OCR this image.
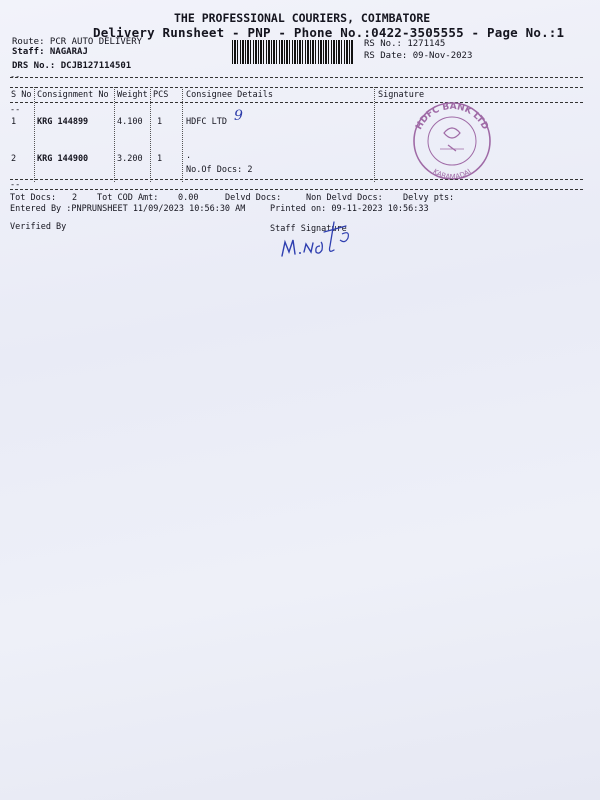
THE PROFESSIONAL COURIERS, COIMBATORE
Delivery Runsheet - PNP - Phone No.:0422-3505555 - Page No.:1
Route: PCR AUTO DELIVERY
Staff: NAGARAJ
DRS No.: DCJB127114501
RS No.: 1271145
RS Date: 09-Nov-2023
--
S No Consignment No Weight PCS Consignee Details	Signature
--
1 KRG 144899	4.100 1	HDFC LTD 9
2 KRG 144900	3.200 1	.
No.Of Docs: 2
HDFC BANK LTD
KARAMADAI
--
Tot Docs: 2 Tot COD Amt: 0.00	Delvd Docs:	Non Delvd Docs: Delvy pts:
Entered By :PNPRUNSHEET 11/09/2023 10:56:30 AM	Printed on: 09-11-2023 10:56:33
Verified By	Staff Signature
